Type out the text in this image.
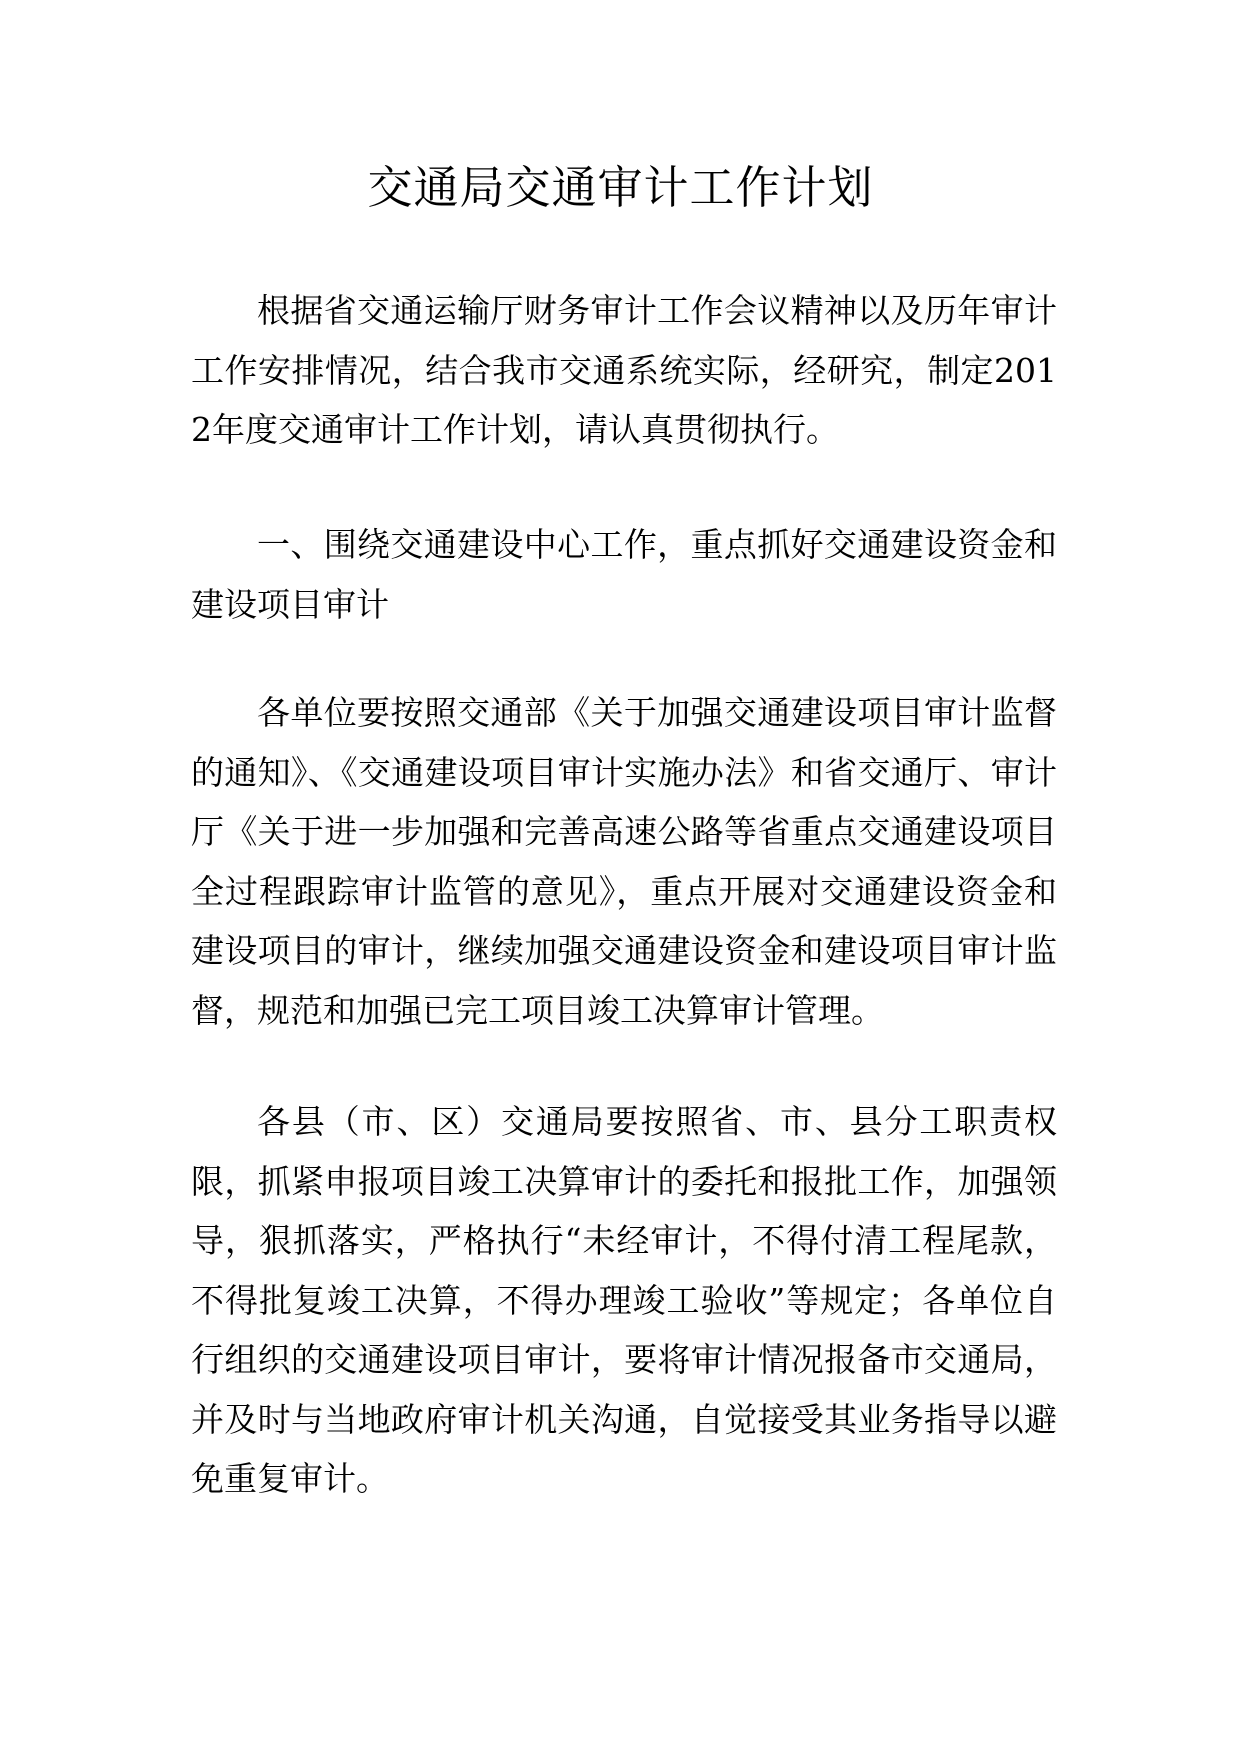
交通局交通审计工作计划

根据省交通运输厅财务审计工作会议精神以及历年审计工作安排情况，结合我市交通系统实际，经研究，制定2012年度交通审计工作计划，请认真贯彻执行。

一、围绕交通建设中心工作，重点抓好交通建设资金和建设项目审计

各单位要按照交通部《关于加强交通建设项目审计监督的通知》、《交通建设项目审计实施办法》和省交通厅、审计厅《关于进一步加强和完善高速公路等省重点交通建设项目全过程跟踪审计监管的意见》，重点开展对交通建设资金和建设项目的审计，继续加强交通建设资金和建设项目审计监督，规范和加强已完工项目竣工决算审计管理。

各县（市、区）交通局要按照省、市、县分工职责权限，抓紧申报项目竣工决算审计的委托和报批工作，加强领导，狠抓落实，严格执行“未经审计，不得付清工程尾款，不得批复竣工决算，不得办理竣工验收”等规定；各单位自行组织的交通建设项目审计，要将审计情况报备市交通局，并及时与当地政府审计机关沟通，自觉接受其业务指导以避免重复审计。
